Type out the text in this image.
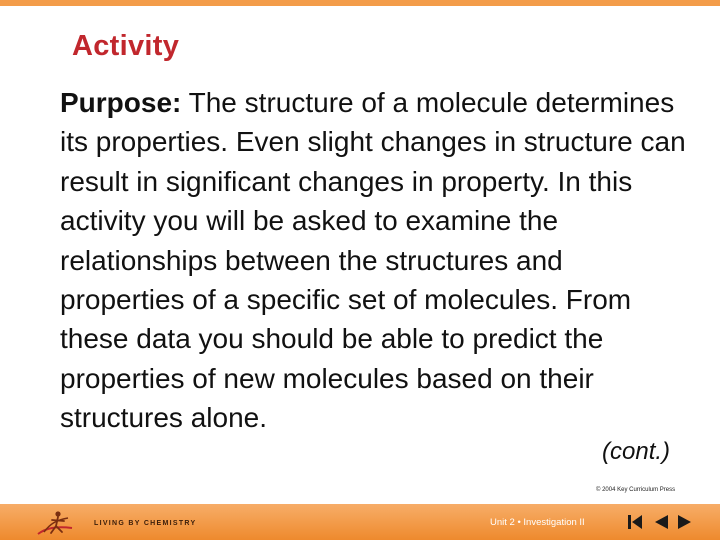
Activity
Purpose: The structure of a molecule determines its properties. Even slight changes in structure can result in significant changes in property. In this activity you will be asked to examine the relationships between the structures and properties of a specific set of molecules. From these data you should be able to predict the properties of new molecules based on their structures alone.
(cont.)
© 2004 Key Curriculum Press
LIVING BY CHEMISTRY	Unit 2 • Investigation II
